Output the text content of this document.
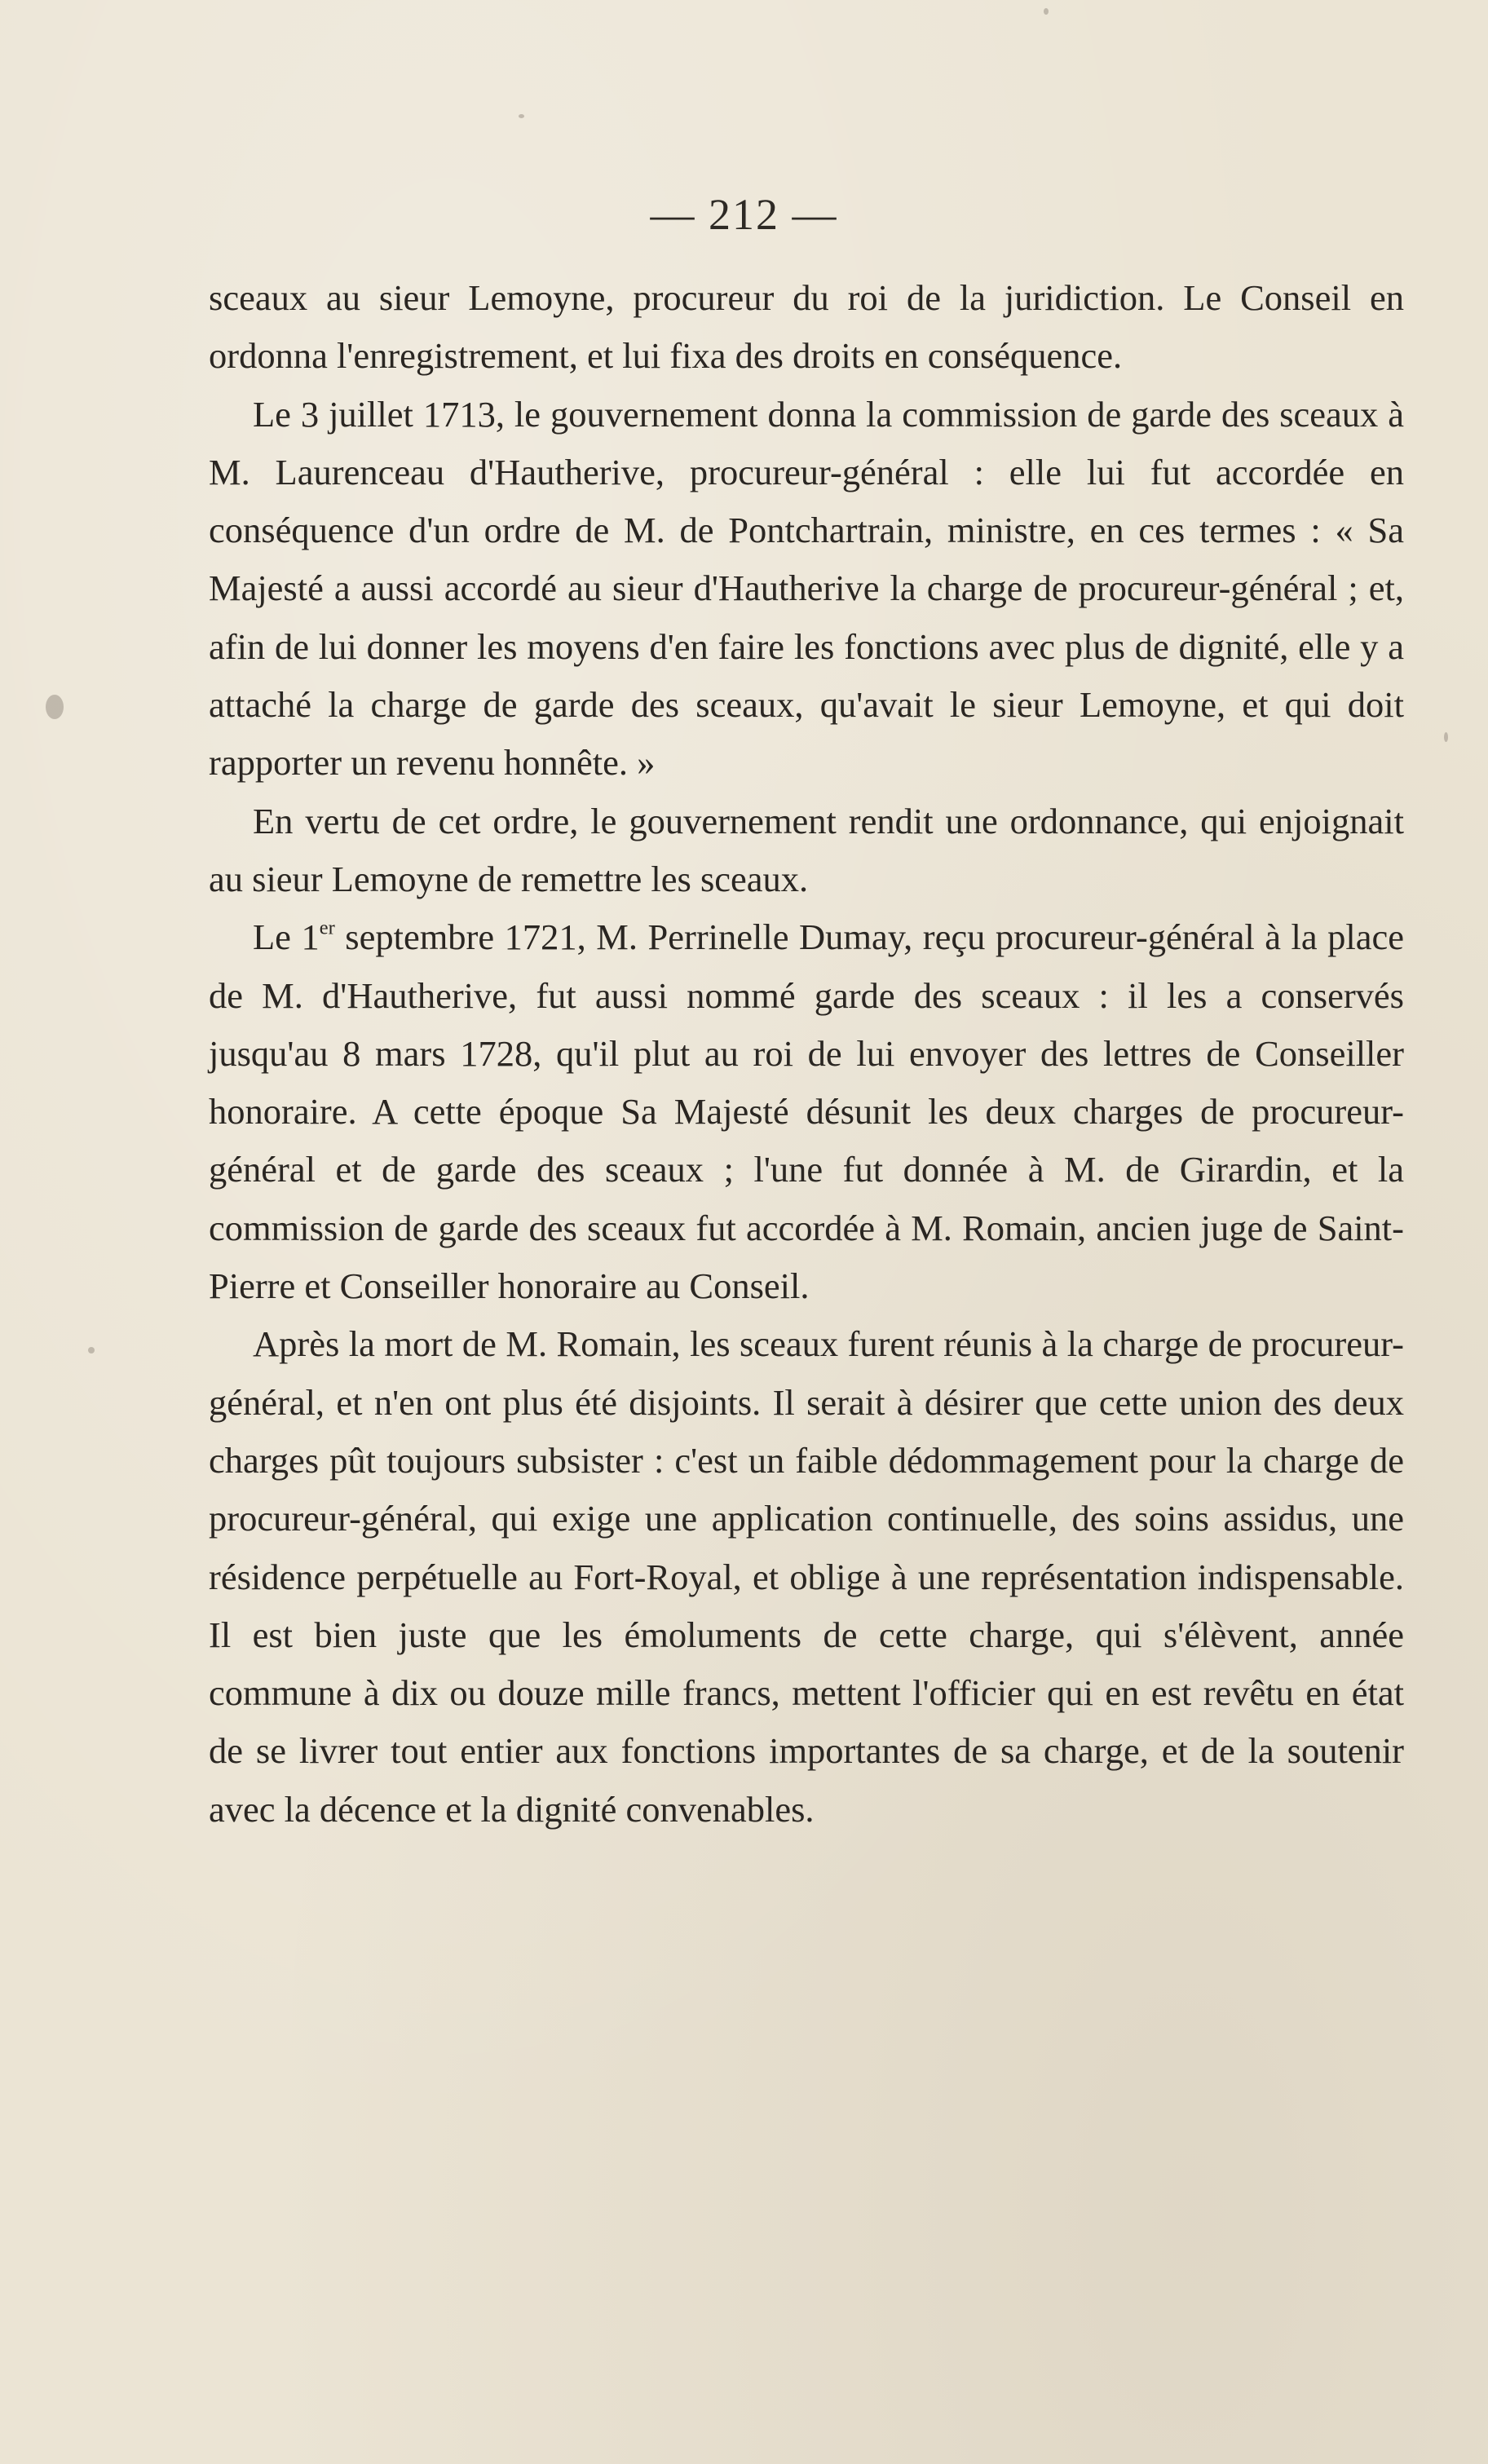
— 212 —

sceaux au sieur Lemoyne, procureur du roi de la juridiction. Le Conseil en ordonna l'enregistrement, et lui fixa des droits en conséquence.

Le 3 juillet 1713, le gouvernement donna la commission de garde des sceaux à M. Laurenceau d'Hautherive, procureur-général : elle lui fut accordée en conséquence d'un ordre de M. de Pontchartrain, ministre, en ces termes : « Sa Majesté a aussi accordé au sieur d'Hautherive la charge de procureur-général ; et, afin de lui donner les moyens d'en faire les fonctions avec plus de dignité, elle y a attaché la charge de garde des sceaux, qu'avait le sieur Lemoyne, et qui doit rapporter un revenu honnête. »

En vertu de cet ordre, le gouvernement rendit une ordonnance, qui enjoignait au sieur Lemoyne de remettre les sceaux.

Le 1er septembre 1721, M. Perrinelle Dumay, reçu procureur-général à la place de M. d'Hautherive, fut aussi nommé garde des sceaux : il les a conservés jusqu'au 8 mars 1728, qu'il plut au roi de lui envoyer des lettres de Conseiller honoraire. A cette époque Sa Majesté désunit les deux charges de procureur-général et de garde des sceaux ; l'une fut donnée à M. de Girardin, et la commission de garde des sceaux fut accordée à M. Romain, ancien juge de Saint-Pierre et Conseiller honoraire au Conseil.

Après la mort de M. Romain, les sceaux furent réunis à la charge de procureur-général, et n'en ont plus été disjoints. Il serait à désirer que cette union des deux charges pût toujours subsister : c'est un faible dédommagement pour la charge de procureur-général, qui exige une application continuelle, des soins assidus, une résidence perpétuelle au Fort-Royal, et oblige à une représentation indispensable. Il est bien juste que les émoluments de cette charge, qui s'élèvent, année commune à dix ou douze mille francs, mettent l'officier qui en est revêtu en état de se livrer tout entier aux fonctions importantes de sa charge, et de la soutenir avec la décence et la dignité convenables.
